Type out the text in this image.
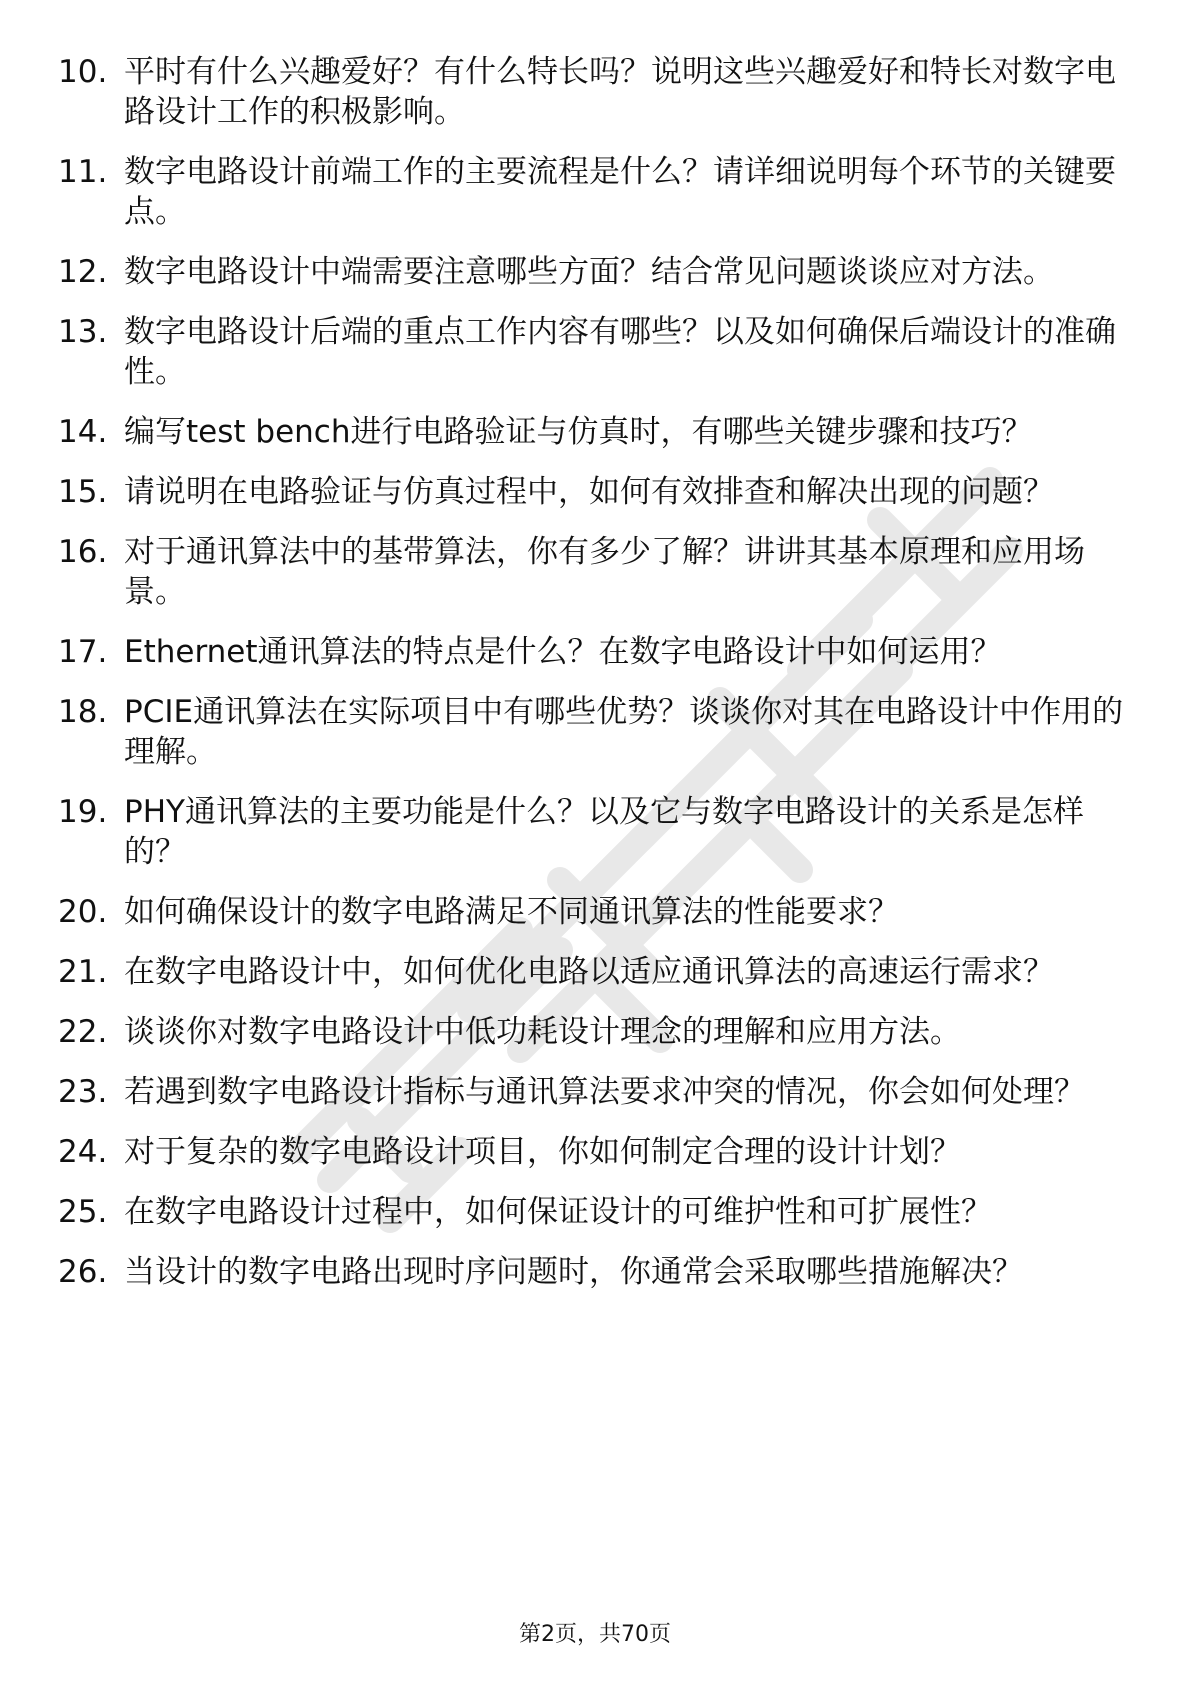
10. 平时有什么兴趣爱好？有什么特长吗？说明这些兴趣爱好和特长对数字电路设计工作的积极影响。
11. 数字电路设计前端工作的主要流程是什么？请详细说明每个环节的关键要点。
12. 数字电路设计中端需要注意哪些方面？结合常见问题谈谈应对方法。
13. 数字电路设计后端的重点工作内容有哪些？以及如何确保后端设计的准确性。
14. 编写test bench进行电路验证与仿真时，有哪些关键步骤和技巧？
15. 请说明在电路验证与仿真过程中，如何有效排查和解决出现的问题？
16. 对于通讯算法中的基带算法，你有多少了解？讲讲其基本原理和应用场景。
17. Ethernet通讯算法的特点是什么？在数字电路设计中如何运用？
18. PCIE通讯算法在实际项目中有哪些优势？谈谈你对其在电路设计中作用的理解。
19. PHY通讯算法的主要功能是什么？以及它与数字电路设计的关系是怎样的？
20. 如何确保设计的数字电路满足不同通讯算法的性能要求？
21. 在数字电路设计中，如何优化电路以适应通讯算法的高速运行需求？
22. 谈谈你对数字电路设计中低功耗设计理念的理解和应用方法。
23. 若遇到数字电路设计指标与通讯算法要求冲突的情况，你会如何处理？
24. 对于复杂的数字电路设计项目，你如何制定合理的设计计划？
25. 在数字电路设计过程中，如何保证设计的可维护性和可扩展性？
26. 当设计的数字电路出现时序问题时，你通常会采取哪些措施解决？
第2页，共70页
